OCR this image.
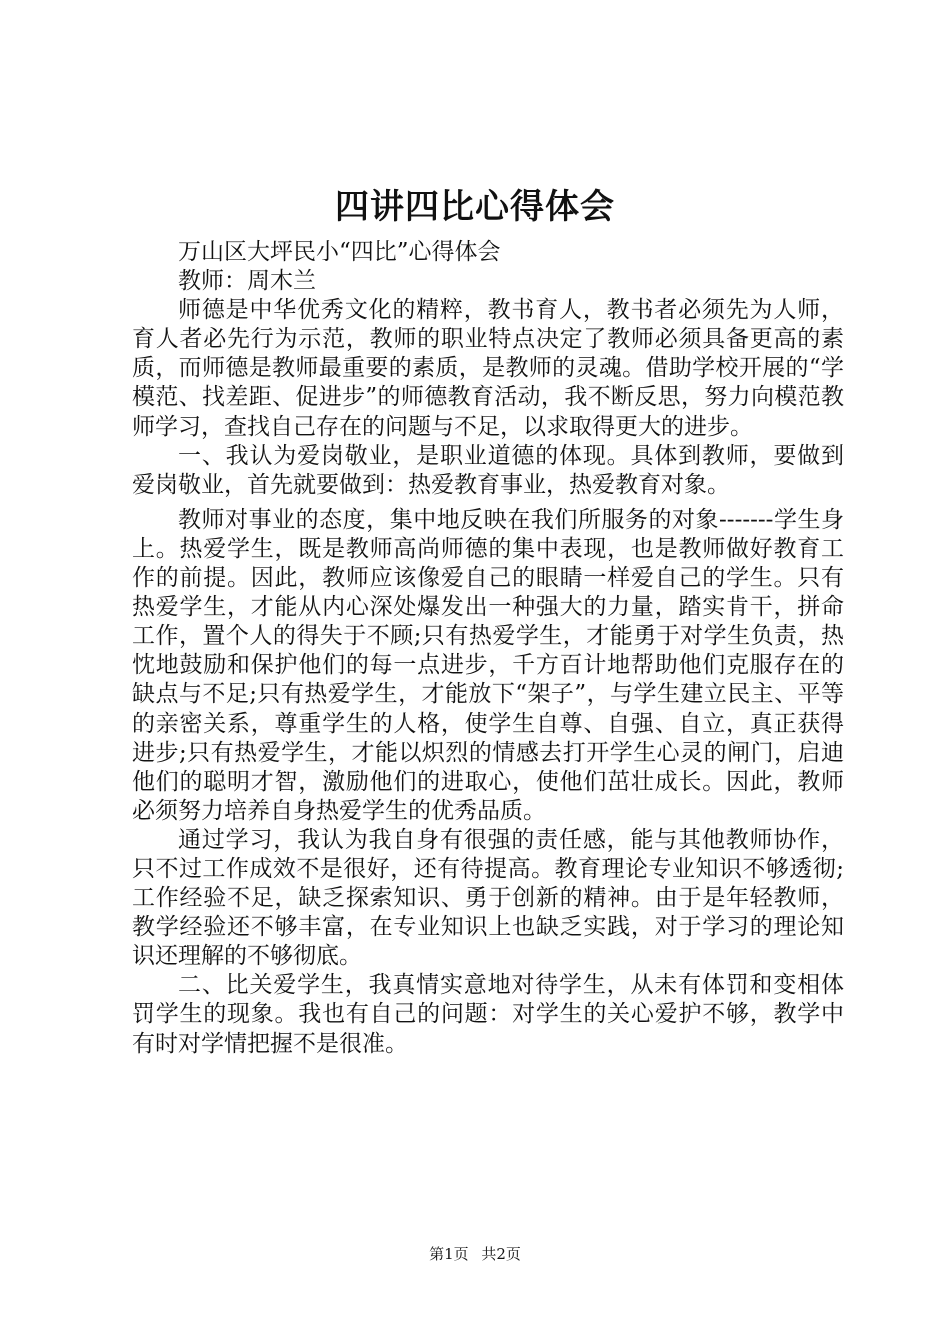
四讲四比心得体会

万山区大坪民小“四比”心得体会

教师：周木兰

师德是中华优秀文化的精粹，教书育人，教书者必须先为人师，育人者必先行为示范，教师的职业特点决定了教师必须具备更高的素质，而师德是教师最重要的素质，是教师的灵魂。借助学校开展的“学模范、找差距、促进步”的师德教育活动，我不断反思，努力向模范教师学习，查找自己存在的问题与不足，以求取得更大的进步。

一、我认为爱岗敬业，是职业道德的体现。具体到教师，要做到爱岗敬业，首先就要做到：热爱教育事业，热爱教育对象。

教师对事业的态度，集中地反映在我们所服务的对象-------学生身上。热爱学生，既是教师高尚师德的集中表现，也是教师做好教育工作的前提。因此，教师应该像爱自己的眼睛一样爱自己的学生。只有热爱学生，才能从内心深处爆发出一种强大的力量，踏实肯干，拼命工作，置个人的得失于不顾;只有热爱学生，才能勇于对学生负责，热忱地鼓励和保护他们的每一点进步，千方百计地帮助他们克服存在的缺点与不足;只有热爱学生，才能放下“架子”，与学生建立民主、平等的亲密关系，尊重学生的人格，使学生自尊、自强、自立，真正获得进步;只有热爱学生，才能以炽烈的情感去打开学生心灵的闸门，启迪他们的聪明才智，激励他们的进取心，使他们茁壮成长。因此，教师必须努力培养自身热爱学生的优秀品质。

通过学习，我认为我自身有很强的责任感，能与其他教师协作，只不过工作成效不是很好，还有待提高。教育理论专业知识不够透彻;工作经验不足，缺乏探索知识、勇于创新的精神。由于是年轻教师，教学经验还不够丰富，在专业知识上也缺乏实践，对于学习的理论知识还理解的不够彻底。

二、比关爱学生，我真情实意地对待学生，从未有体罚和变相体罚学生的现象。我也有自己的问题：对学生的关心爱护不够，教学中有时对学情把握不是很准。

第1页 共2页
